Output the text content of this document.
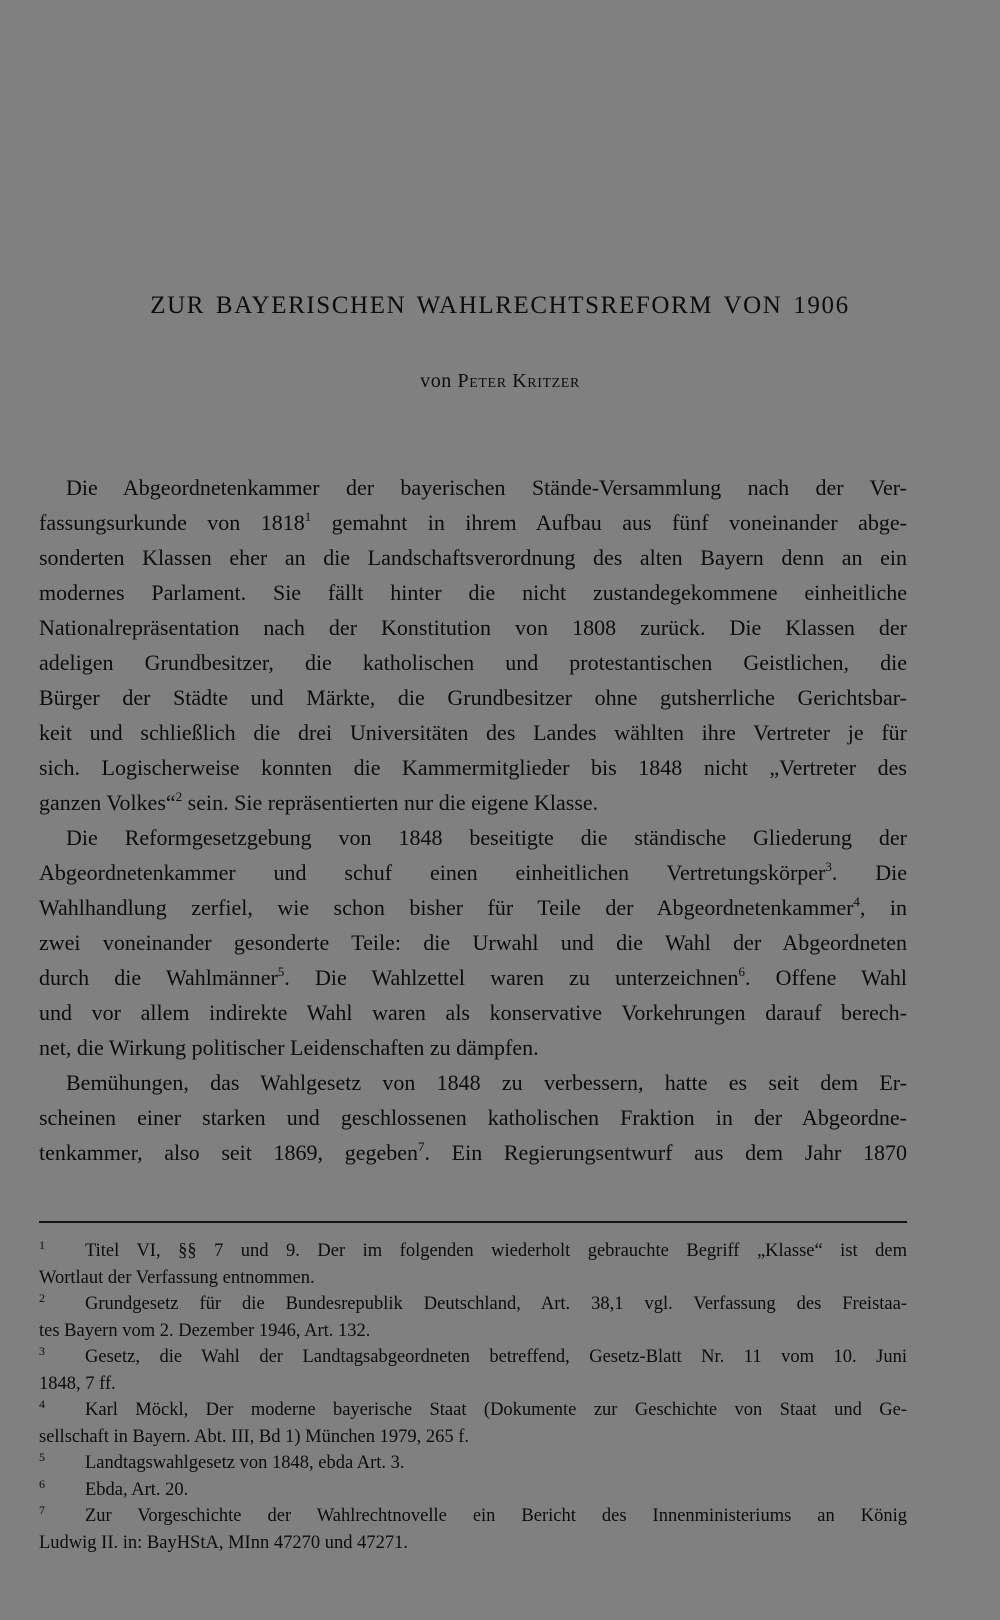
ZUR BAYERISCHEN WAHLRECHTSREFORM VON 1906
von Peter Kritzer
Die Abgeordnetenkammer der bayerischen Stände-Versammlung nach der Ver-
fassungsurkunde von 1818$^1$ gemahnt in ihrem Aufbau aus fünf voneinander abge-
sonderten Klassen eher an die Landschaftsverordnung des alten Bayern denn an ein
modernes Parlament. Sie fällt hinter die nicht zustandegekommene einheitliche
Nationalrepräsentation nach der Konstitution von 1808 zurück. Die Klassen der
adeligen Grundbesitzer, die katholischen und protestantischen Geistlichen, die
Bürger der Städte und Märkte, die Grundbesitzer ohne gutsherrliche Gerichtsbar-
keit und schließlich die drei Universitäten des Landes wählten ihre Vertreter je für
sich. Logischerweise konnten die Kammermitglieder bis 1848 nicht „Vertreter des
ganzen Volkes“$^2$ sein. Sie repräsentierten nur die eigene Klasse.
Die Reformgesetzgebung von 1848 beseitigte die ständische Gliederung der
Abgeordnetenkammer und schuf einen einheitlichen Vertretungskörper$^3$. Die
Wahlhandlung zerfiel, wie schon bisher für Teile der Abgeordnetenkammer$^4$, in
zwei voneinander gesonderte Teile: die Urwahl und die Wahl der Abgeordneten
durch die Wahlmänner$^5$. Die Wahlzettel waren zu unterzeichnen$^6$. Offene Wahl
und vor allem indirekte Wahl waren als konservative Vorkehrungen darauf berech-
net, die Wirkung politischer Leidenschaften zu dämpfen.
Bemühungen, das Wahlgesetz von 1848 zu verbessern, hatte es seit dem Er-
scheinen einer starken und geschlossenen katholischen Fraktion in der Abgeordne-
tenkammer, also seit 1869, gegeben$^7$. Ein Regierungsentwurf aus dem Jahr 1870
1 Titel VI, §§ 7 und 9. Der im folgenden wiederholt gebrauchte Begriff „Klasse“ ist dem
Wortlaut der Verfassung entnommen.
2 Grundgesetz für die Bundesrepublik Deutschland, Art. 38,1 vgl. Verfassung des Freistaa-
tes Bayern vom 2. Dezember 1946, Art. 132.
3 Gesetz, die Wahl der Landtagsabgeordneten betreffend, Gesetz-Blatt Nr. 11 vom 10. Juni
1848, 7 ff.
4 Karl Möckl, Der moderne bayerische Staat (Dokumente zur Geschichte von Staat und Ge-
sellschaft in Bayern. Abt. III, Bd 1) München 1979, 265 f.
5 Landtagswahlgesetz von 1848, ebda Art. 3.
6 Ebda, Art. 20.
7 Zur Vorgeschichte der Wahlrechtnovelle ein Bericht des Innenministeriums an König
Ludwig II. in: BayHStA, MInn 47270 und 47271.
